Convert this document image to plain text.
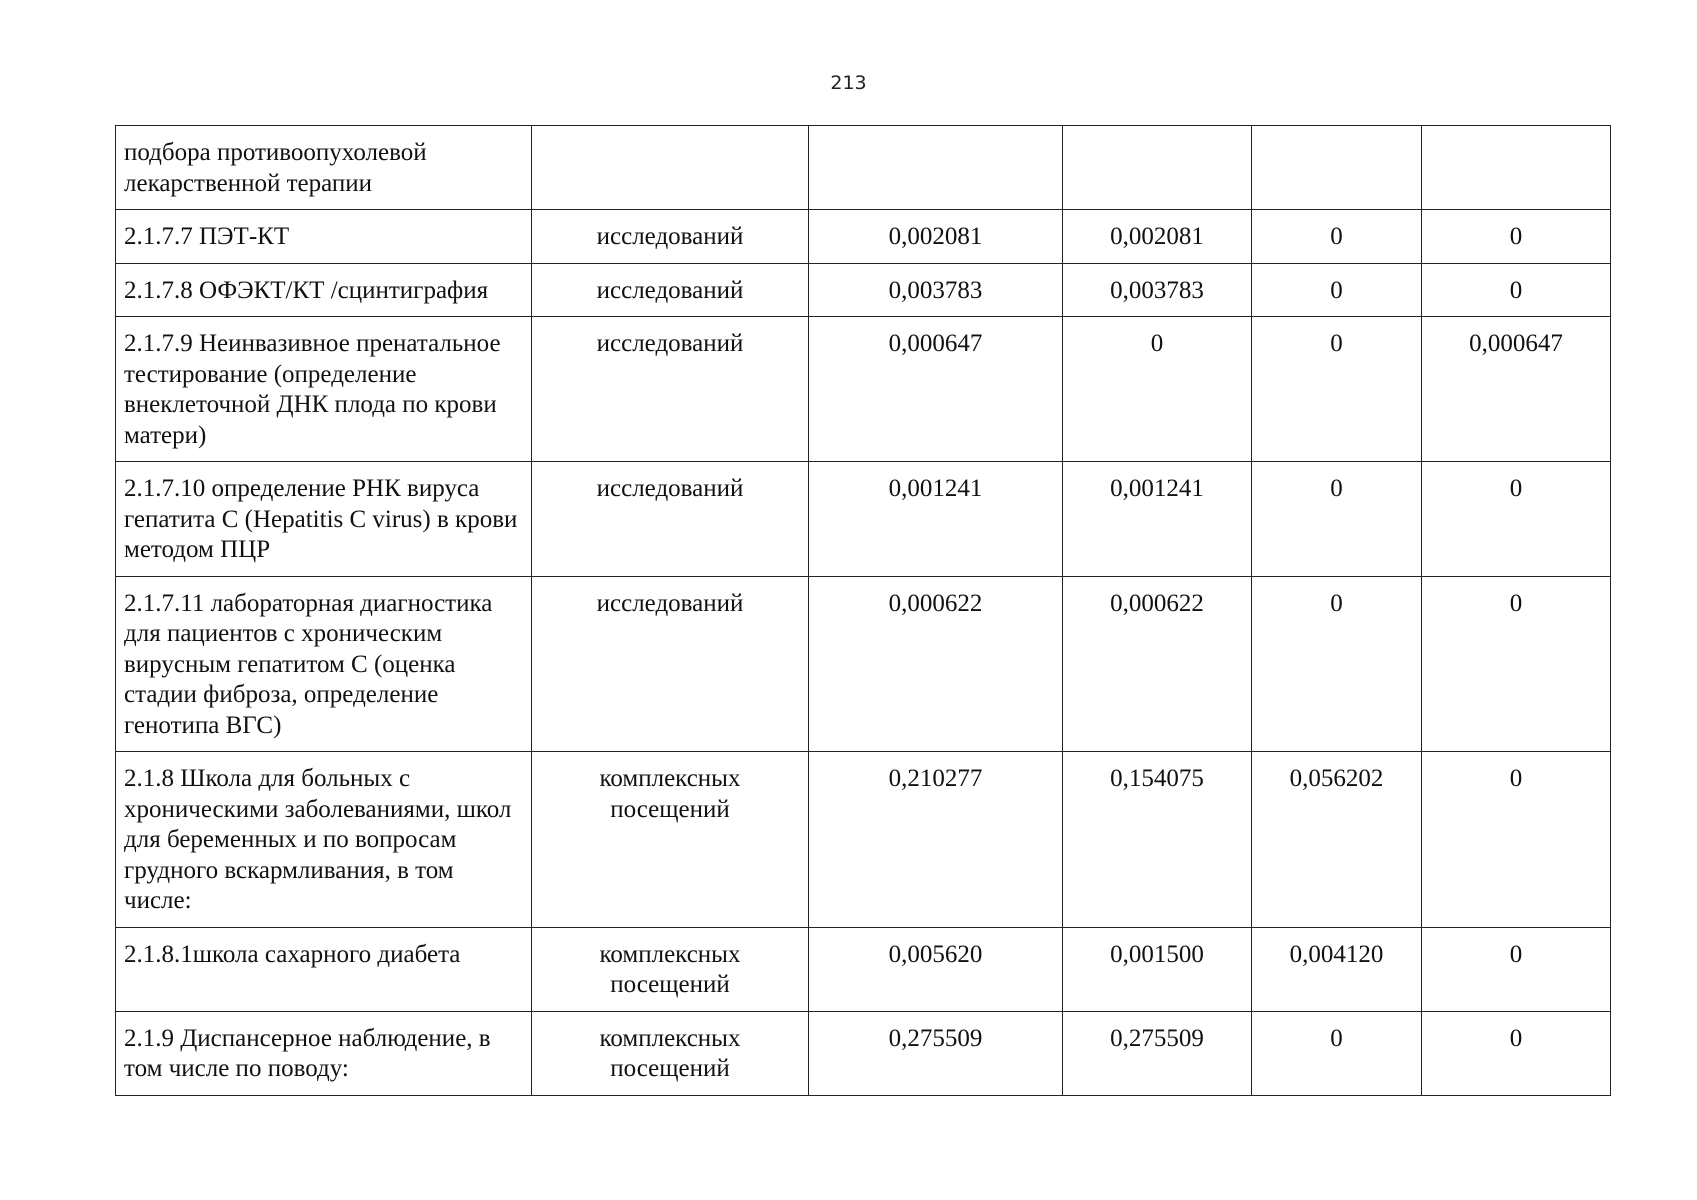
213
подбора противоопухолевой лекарственной терапии					
2.1.7.7 ПЭТ-КТ	исследований	0,002081	0,002081	0	0
2.1.7.8 ОФЭКТ/КТ /сцинтиграфия	исследований	0,003783	0,003783	0	0
2.1.7.9 Неинвазивное пренатальное тестирование (определение внеклеточной ДНК плода по крови матери)	исследований	0,000647	0	0	0,000647
2.1.7.10 определение РНК вируса гепатита С (Hepatitis C virus) в крови методом ПЦР	исследований	0,001241	0,001241	0	0
2.1.7.11 лабораторная диагностика для пациентов с хроническим вирусным гепатитом С (оценка стадии фиброза, определение генотипа ВГС)	исследований	0,000622	0,000622	0	0
2.1.8 Школа для больных с хроническими заболеваниями, школ для беременных и по вопросам грудного вскармливания, в том числе:	комплексных посещений	0,210277	0,154075	0,056202	0
2.1.8.1школа сахарного диабета	комплексных посещений	0,005620	0,001500	0,004120	0
2.1.9 Диспансерное наблюдение, в том числе по поводу:	комплексных посещений	0,275509	0,275509	0	0
